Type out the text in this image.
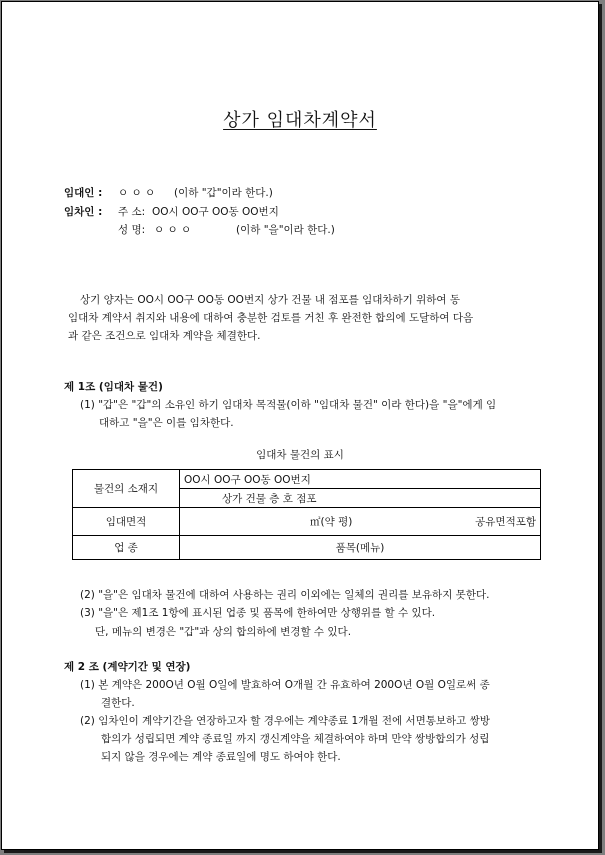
상가 임대차계약서
임대인 : ㅇ ㅇ ㅇ (이하 "갑"이라 한다.)
임차인 : 주 소: OO시 OO구 OO동 OO번지
성 명: ㅇ ㅇ ㅇ	(이하 "을"이라 한다.)
상기 양자는 OO시 OO구 OO동 OO번지 상가 건물 내 점포를 임대차하기 위하여 동
임대차 계약서 취지와 내용에 대하여 충분한 검토를 거친 후 완전한 합의에 도달하여 다음
과 같은 조건으로 임대차 계약을 체결한다.
제 1조 (임대차 물건)
(1) "갑"은 "갑"의 소유인 하기 임대차 목적물(이하 "임대차 물건" 이라 한다)을 "을"에게 임
대하고 "을"은 이를 임차한다.
임대차 물건의 표시
물건의 소재지	OO시 OO구 OO동 OO번지
	상가 건물 층 호 점포
임대면적	㎡(약 평) 공유면적포함

업 종	품목(메뉴)
(2) "을"은 임대차 물건에 대하여 사용하는 권리 이외에는 일체의 권리를 보유하지 못한다.
(3) "을"은 제1조 1항에 표시된 업종 및 품목에 한하여만 상행위를 할 수 있다.
단, 메뉴의 변경은 "갑"과 상의 합의하에 변경할 수 있다.
제 2 조 (계약기간 및 연장)
(1) 본 계약은 200O년 O월 O일에 발효하여 O개월 간 유효하여 200O년 O월 O일로써 종
결한다.
(2) 임차인이 계약기간을 연장하고자 할 경우에는 계약종료 1개월 전에 서면통보하고 쌍방
합의가 성립되면 계약 종료일 까지 갱신계약을 체결하여야 하며 만약 쌍방합의가 성립
되지 않을 경우에는 계약 종료일에 명도 하여야 한다.
